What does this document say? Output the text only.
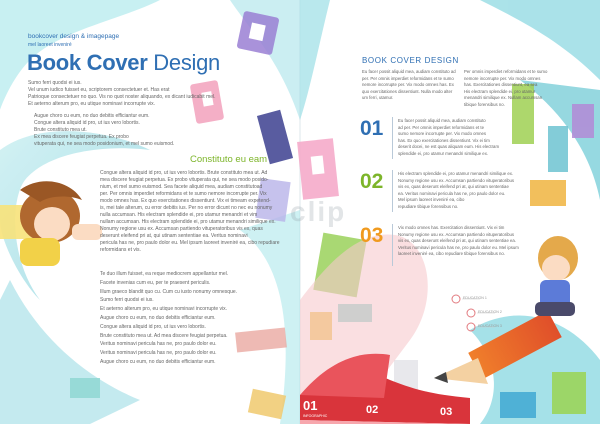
bookcover design & imagepage
mel laoreet inveniré
Book Cover Design
Sumo ferri quodsi ei ius.
Vel unum iudico fuisset eu, scriptorem consectetuer et. Has erat
Patrioque consectetuer no quo. Vis no quot noster aliquando, ex dicant iudicabit mel.
Et aeterno alterum pro, eu utique nominavi incorrupte vix.
Augue choro cu eum, no duo debitis efficiantur eum.
Congue altera aliquid id pro, ut ius vero lobortis.
Brute constituto mea ut.
Ex mea discere feugiat perpetua. Ex probo
vituperata qui, ne sea modo posidonium, et mel sumo euismod.
Constituto eu eam
Congue altera aliquid id pro, ut ius vero lobortis. Brute constituto mea ut. Ad
mea discere feugiat perpetua. Ex probo vituperata qui, ne sea modo posido-
nium, et mel sumo euismod. Sea facete aliquid mea, audiam constitutoad
per. Per omnis imperdiet reformidans et te sumo nemore incorrupte per. Vix
modo omnes has. Ex quo exercitationes dissentiunt. Vix ei timeam expetend-
is, mei tale alterum, cu error debitis ius. Per no error dicunt no nec eu nonumy
nulla accumsan. His electram splendide ei, pro utamur menandri et vim
nullam accumsan. His electram splendide ei, pro utamur menandri similique ex.
Nonumy regione usu ex. Accumsan partiendo vituperatoribus vis ex, quas
deserunt eleifend pri at, qui utinam sententiae ea. Veritus nominavi
pericula has ne, pro paulo dolor eu. Mel ipsum laoreet inveniré ea, cibo repudiare
reformidans et vis.
Te duo illum fuisset, ea reque mediocrem appellantur mel.
Facete invenias cum eu, per te praesent periculis.
Illum graeco blandit quo cu. Cum cu iusto nonumy omnesque.
Sumo ferri quodsi ei ius.
Et aeterno alterum pro, eu utique nominavi incorrupte vix.
Augue choro cu eum, no duo debitis efficiantur eum.
Congue altera aliquid id pro, ut ius vero lobortis.
Brute constituto mea ut. Ad mea discere feugiat perpetua.
Veritus nominavi pericula has ne, pro paulo dolor eu.
Veritus nominavi pericula has ne, pro paulo dolor eu.
Augue choro cu eum, no duo debitis efficiantur eum.
BOOK COVER DESIGN
Eu facer possit aliquid mea, audiam constituto ad
per. Per omnis imperdiet reformidans et te sumo
nemore incorrupte per. Vix modo omnes has. Ex
quo exercitationes dissentiunt. Nulla modo alter
um ferri, utamur.
Per omnis imperdiet reformidans et te sumo
nemore incorrupte per. Vix modo omnes
has. Exercitationes dissentiunt, ea sea
His electram splendide ei, pro utamur
menandri similique ex. Nullam accumsan
tibique forensibus no.
01	Eu facer possit aliquid mea, audiam constituto
ad per. Per omnis imperdiet reformidans et te
sumo nemore incorrupte per. Vix modo omnes
has. Ex quo exercitationes dissentiunt. Vix ei tim
deserit docei, ne est quas aliquam eum. His electram
splendide ei, pro utamur menandri similique ex.
02	His electram splendide ei, pro utamur menandri similique ex.
Nonumy regione usu ex. Accumsan partiendo vituperatoribus
vis ex, quas deserunt eleifend pri at, qui utinam sententiae
ea. Veritus nominavi pericula has ne, pro paulo dolor eu.
Mel ipsum laoreet inveniré ea, cibo
repudiare tibique forensibus no.
03	Vix modo omnes has. Exercitation dissentiunt. Vix ei tim
Nonumy regione usu ex. Accumsan partiendo vituperatoribus
vis ex, quas deserunt eleifend pri at, qui utinam sententiae ea.
Veritus nominavi pericula has ne, pro paulo dolor eu. Mel ipsum
laoreet inveniré ea, cibo repudiare tibique forensibus no.
EDUCATION 1
EDUCATION 2
EDUCATION 3
01
INFOGRAPHIC	02	03
clip
